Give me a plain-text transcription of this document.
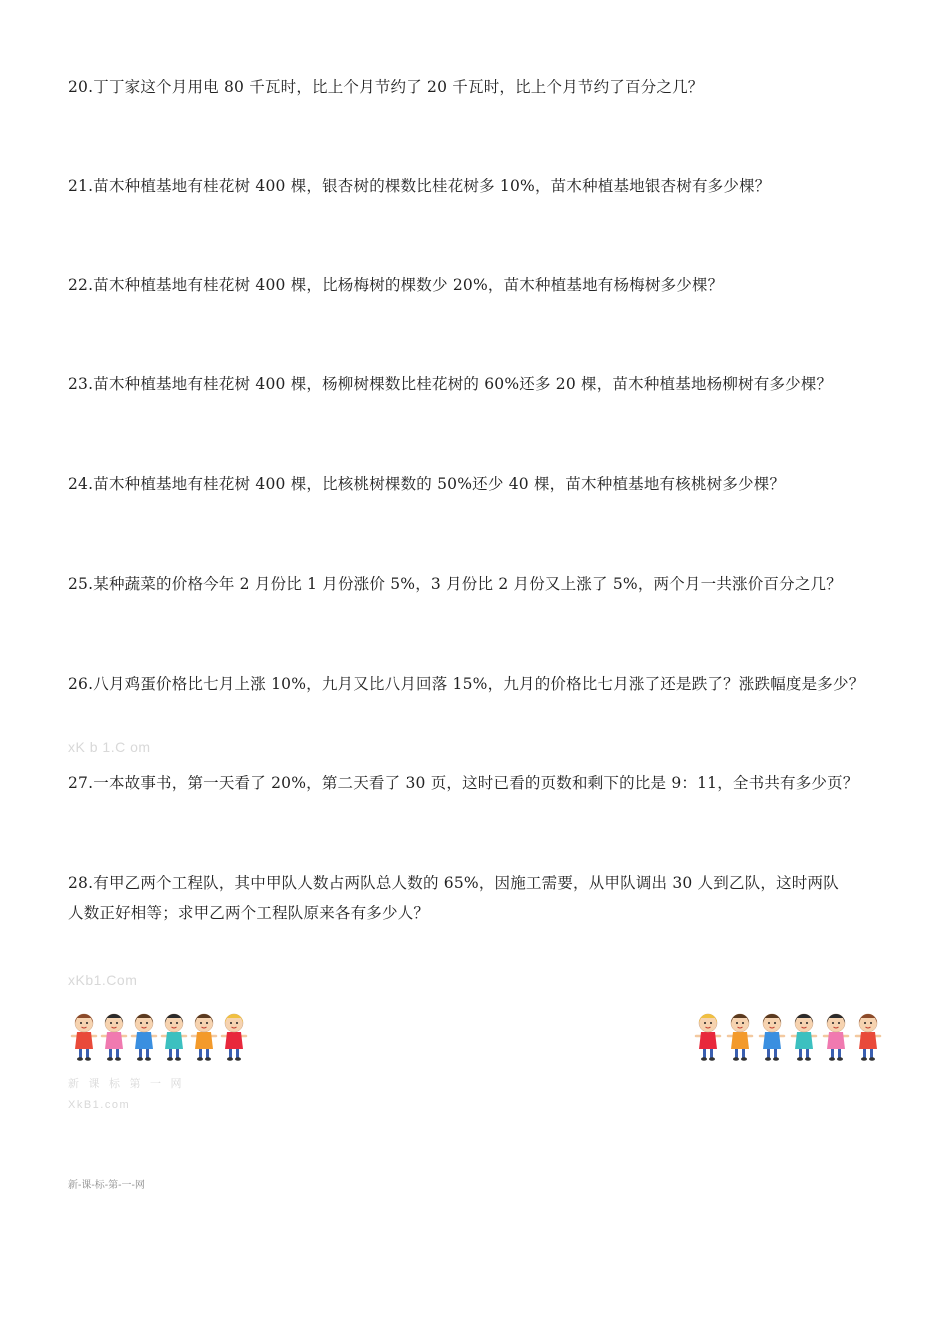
20.丁丁家这个月用电 80 千瓦时，比上个月节约了 20 千瓦时，比上个月节约了百分之几？
21.苗木种植基地有桂花树 400 棵，银杏树的棵数比桂花树多 10%，苗木种植基地银杏树有多少棵？
22.苗木种植基地有桂花树 400 棵，比杨梅树的棵数少 20%，苗木种植基地有杨梅树多少棵？
23.苗木种植基地有桂花树 400 棵，杨柳树棵数比桂花树的 60%还多 20 棵，苗木种植基地杨柳树有多少棵？
24.苗木种植基地有桂花树 400 棵，比核桃树棵数的 50%还少 40 棵，苗木种植基地有核桃树多少棵？
25.某种蔬菜的价格今年 2 月份比 1 月份涨价 5%，3 月份比 2 月份又上涨了 5%，两个月一共涨价百分之几？
26.八月鸡蛋价格比七月上涨 10%，九月又比八月回落 15%，九月的价格比七月涨了还是跌了？涨跌幅度是多少？
xK b 1.C om
27.一本故事书，第一天看了 20%，第二天看了 30 页，这时已看的页数和剩下的比是 9：11，全书共有多少页？
28.有甲乙两个工程队，其中甲队人数占两队总人数的 65%，因施工需要，从甲队调出 30 人到乙队，这时两队
人数正好相等；求甲乙两个工程队原来各有多少人？
xKb1.Com
新 课 标 第 一 网
XkB1.com
新-课-标-第-一-网
